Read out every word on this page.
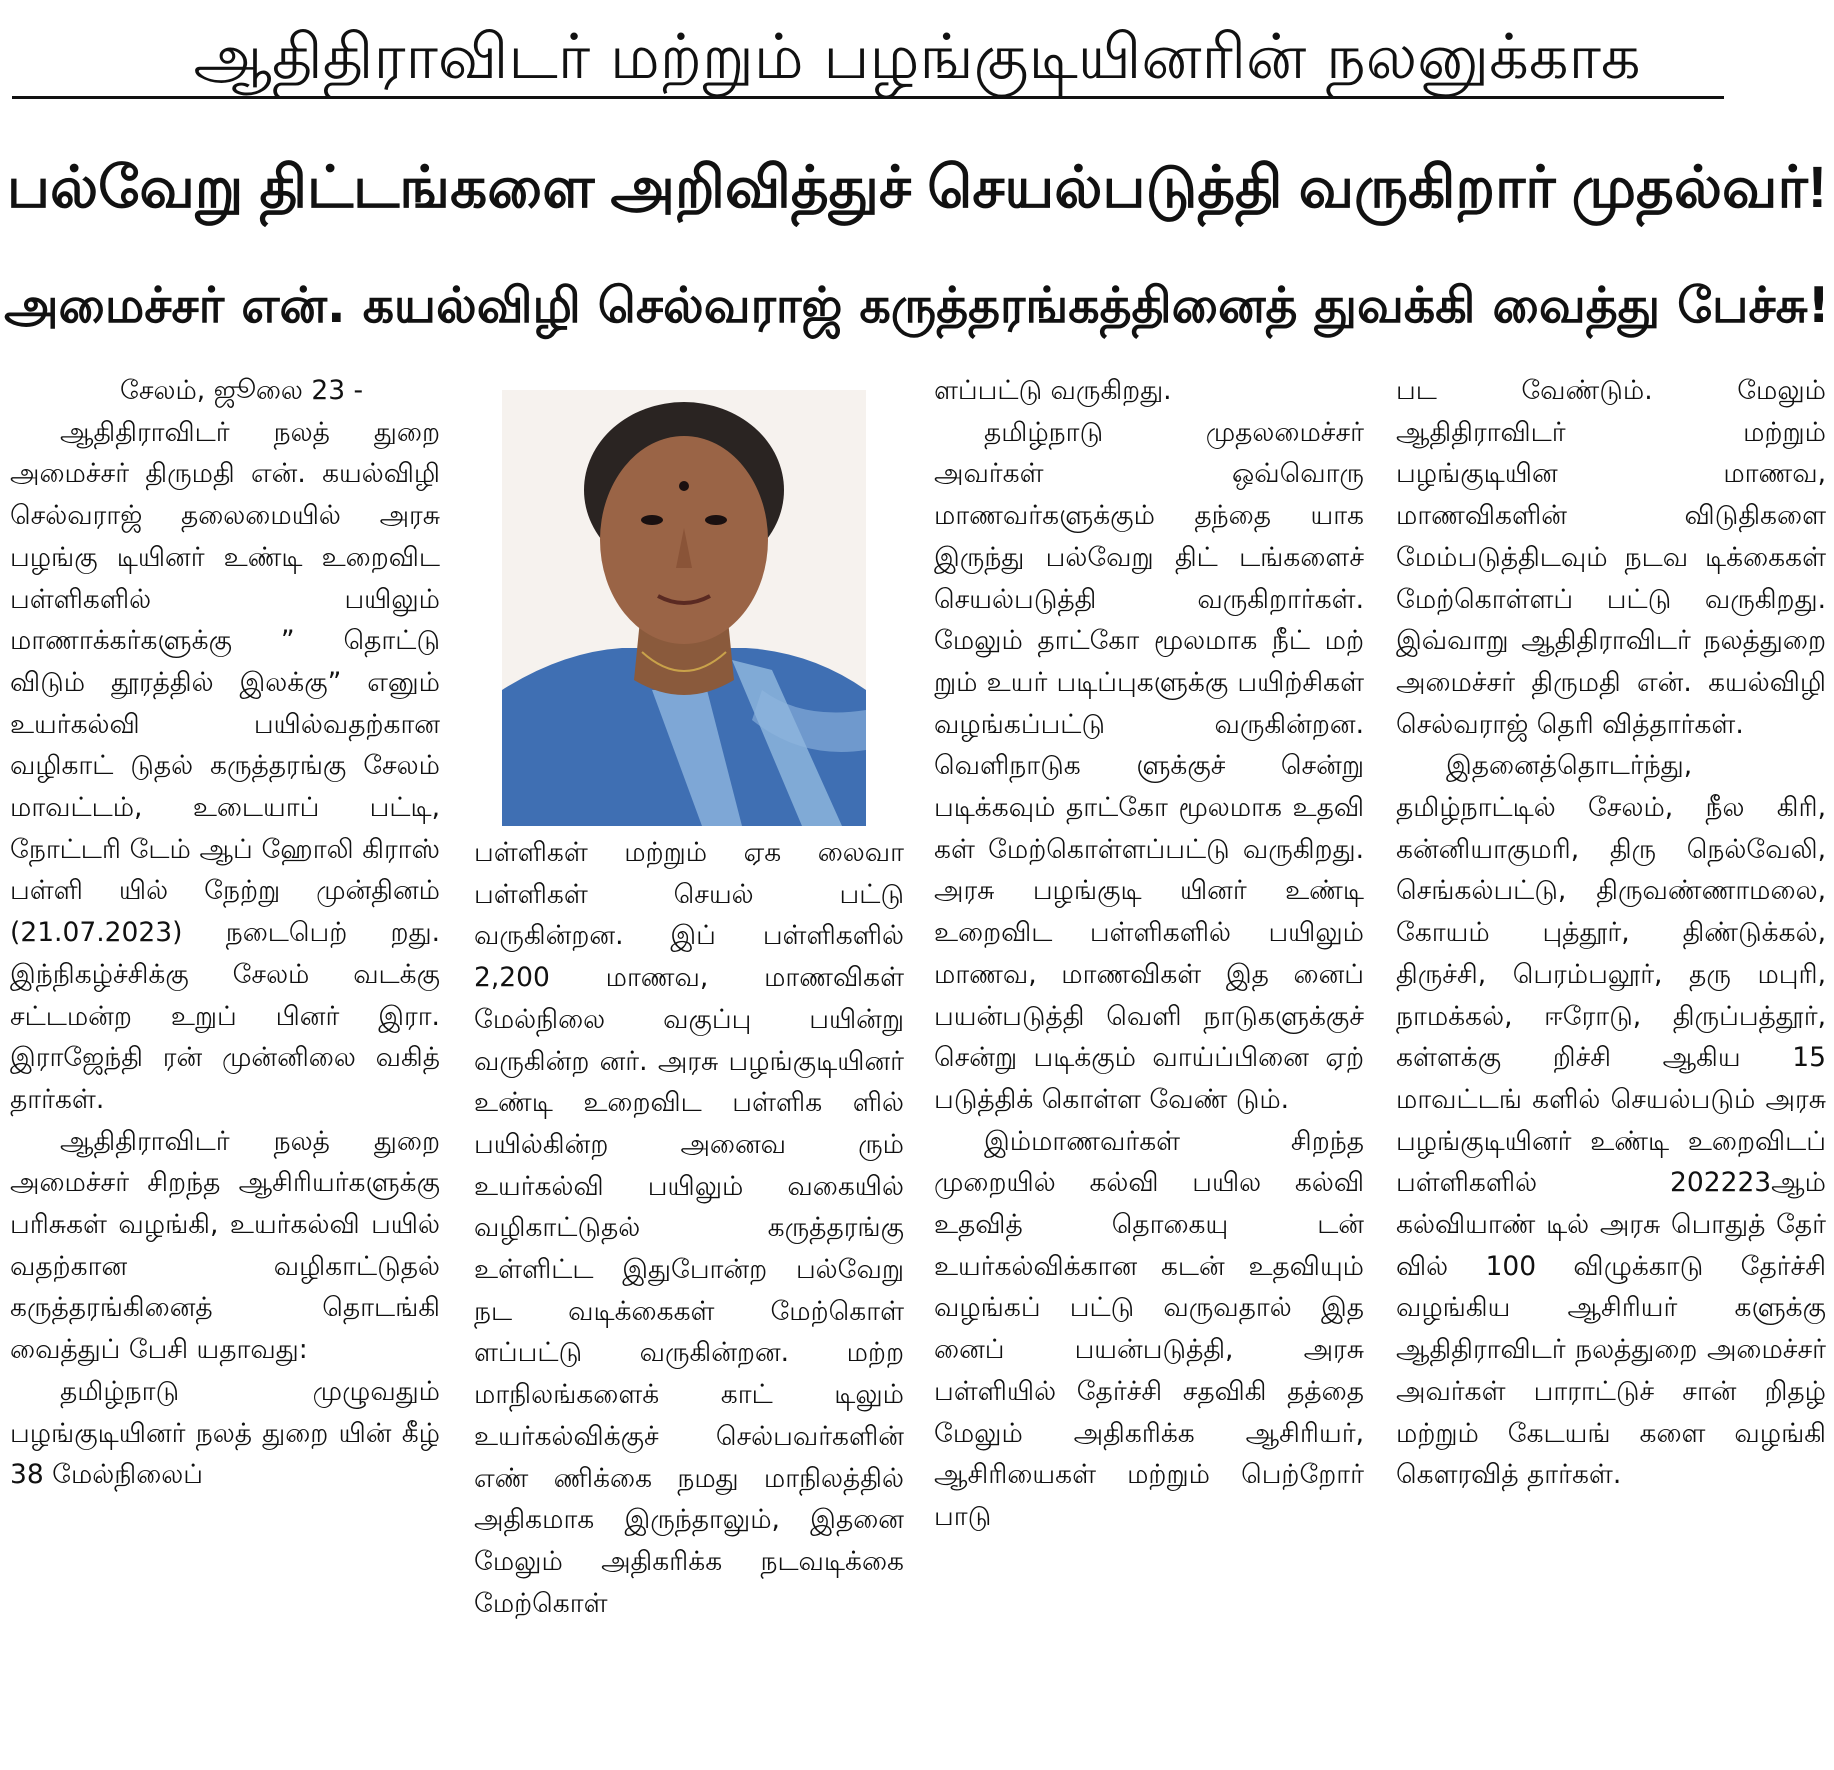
ஆதிதிராவிடர் மற்றும் பழங்குடியினரின் நலனுக்காக
பல்வேறு திட்டங்களை அறிவித்துச் செயல்படுத்தி வருகிறார் முதல்வர்!
அமைச்சர் என். கயல்விழி செல்வராஜ் கருத்தரங்கத்தினைத் துவக்கி வைத்து பேச்சு!

சேலம், ஜூலை 23 -

ஆதிதிராவிடர் நலத் துறை அமைச்சர் திருமதி என். கயல்விழி செல்வராஜ் தலைமையில் அரசு பழங்கு டியினர் உண்டி உறைவிட பள்ளிகளில் பயிலும் மாணாக்கர்களுக்கு ” தொட்டு விடும் தூரத்தில் இலக்கு” எனும் உயர்கல்வி பயில்வதற்கான வழிகாட் டுதல் கருத்தரங்கு சேலம் மாவட்டம், உடையாப் பட்டி, நோட்டரி டேம் ஆப் ஹோலி கிராஸ் பள்ளி யில் நேற்று முன்தினம் (21.07.2023) நடைபெற் றது. இந்நிகழ்ச்சிக்கு சேலம் வடக்கு சட்டமன்ற உறுப் பினர் இரா. இராஜேந்தி ரன் முன்னிலை வகித் தார்கள்.

ஆதிதிராவிடர் நலத் துறை அமைச்சர் சிறந்த ஆசிரியர்களுக்கு பரிசுகள் வழங்கி, உயர்கல்வி பயில் வதற்கான வழிகாட்டுதல் கருத்தரங்கினைத் தொடங்கி வைத்துப் பேசி யதாவது:

தமிழ்நாடு முழுவதும் பழங்குடியினர் நலத் துறை யின் கீழ் 38 மேல்நிலைப்

பள்ளிகள் மற்றும் ஏக லைவா பள்ளிகள் செயல் பட்டு வருகின்றன. இப் பள்ளிகளில் 2,200 மாணவ, மாணவிகள் மேல்நிலை வகுப்பு பயின்று வருகின்ற னர். அரசு பழங்குடியினர் உண்டி உறைவிட பள்ளிக ளில் பயில்கின்ற அனைவ ரும் உயர்கல்வி பயிலும் வகையில் வழிகாட்டுதல் கருத்தரங்கு உள்ளிட்ட இதுபோன்ற பல்வேறு நட வடிக்கைகள் மேற்கொள் ளப்பட்டு வருகின்றன. மற்ற மாநிலங்களைக் காட் டிலும் உயர்கல்விக்குச் செல்பவர்களின் எண் ணிக்கை நமது மாநிலத்தில் அதிகமாக இருந்தாலும், இதனை மேலும் அதிகரிக்க நடவடிக்கை மேற்கொள்

ளப்பட்டு வருகிறது.

தமிழ்நாடு முதலமைச்சர் அவர்கள் ஒவ்வொரு மாணவர்களுக்கும் தந்தை யாக இருந்து பல்வேறு திட் டங்களைச் செயல்படுத்தி வருகிறார்கள். மேலும் தாட்கோ மூலமாக நீட் மற் றும் உயர் படிப்புகளுக்கு பயிற்சிகள் வழங்கப்பட்டு வருகின்றன. வெளிநாடுக ளுக்குச் சென்று படிக்கவும் தாட்கோ மூலமாக உதவி கள் மேற்கொள்ளப்பட்டு வருகிறது. அரசு பழங்குடி யினர் உண்டி உறைவிட பள்ளிகளில் பயிலும் மாணவ, மாணவிகள் இத னைப் பயன்படுத்தி வெளி நாடுகளுக்குச் சென்று படிக்கும் வாய்ப்பினை ஏற் படுத்திக் கொள்ள வேண் டும்.

இம்மாணவர்கள் சிறந்த முறையில் கல்வி பயில கல்வி உதவித் தொகையு டன் உயர்கல்விக்கான கடன் உதவியும் வழங்கப் பட்டு வருவதால் இத னைப் பயன்படுத்தி, அரசு பள்ளியில் தேர்ச்சி சதவிகி தத்தை மேலும் அதிகரிக்க ஆசிரியர், ஆசிரியைகள் மற்றும் பெற்றோர் பாடு

பட வேண்டும். மேலும் ஆதிதிராவிடர் மற்றும் பழங்குடியின மாணவ, மாணவிகளின் விடுதிகளை மேம்படுத்திடவும் நடவ டிக்கைகள் மேற்கொள்ளப் பட்டு வருகிறது. இவ்வாறு ஆதிதிராவிடர் நலத்துறை அமைச்சர் திருமதி என். கயல்விழி செல்வராஜ் தெரி வித்தார்கள்.

இதனைத்தொடர்ந்து, தமிழ்நாட்டில் சேலம், நீல கிரி, கன்னியாகுமரி, திரு நெல்வேலி, செங்கல்பட்டு, திருவண்ணாமலை, கோயம் புத்தூர், திண்டுக்கல், திருச்சி, பெரம்பலூர், தரு மபுரி, நாமக்கல், ஈரோடு, திருப்பத்தூர், கள்ளக்கு றிச்சி ஆகிய 15 மாவட்டங் களில் செயல்படும் அரசு பழங்குடியினர் உண்டி உறைவிடப் பள்ளிகளில் 202223ஆம் கல்வியாண் டில் அரசு பொதுத் தேர் வில் 100 விழுக்காடு தேர்ச்சி வழங்கிய ஆசிரியர் களுக்கு ஆதிதிராவிடர் நலத்துறை அமைச்சர் அவர்கள் பாராட்டுச் சான் றிதழ் மற்றும் கேடயங் களை வழங்கி கௌரவித் தார்கள்.
